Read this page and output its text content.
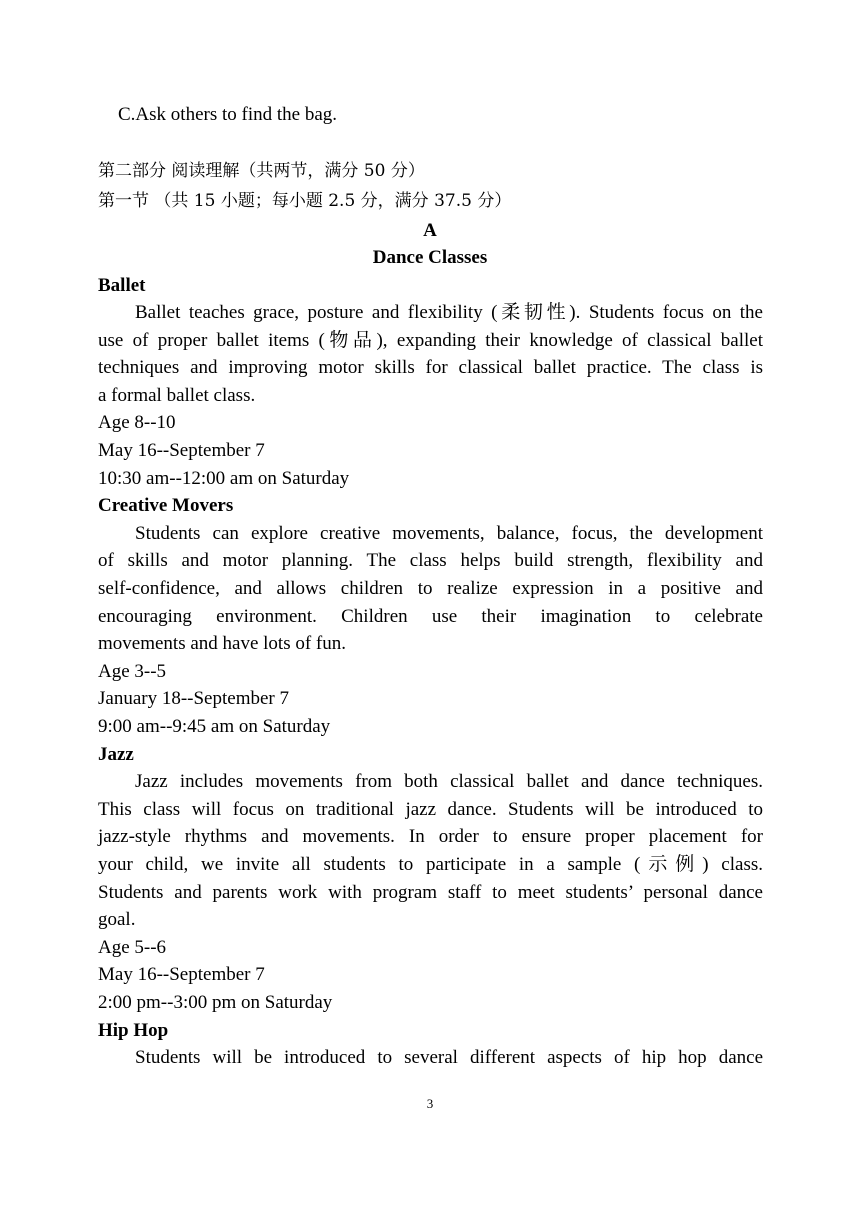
C.Ask others to find the bag.
第二部分 阅读理解（共两节，满分 50 分）
第一节 （共 15 小题；每小题 2.5 分，满分 37.5 分）
A
Dance Classes
Ballet
Ballet teaches grace, posture and flexibility (柔韧性). Students focus on the
use of proper ballet items (物品), expanding their knowledge of classical ballet
techniques and improving motor skills for classical ballet practice. The class is
a formal ballet class.
Age 8--10
May 16--September 7
10:30 am--12:00 am on Saturday
Creative Movers
Students can explore creative movements, balance, focus, the development
of skills and motor planning. The class helps build strength, flexibility and
self-confidence, and allows children to realize expression in a positive and
encouraging environment. Children use their imagination to celebrate
movements and have lots of fun.
Age 3--5
January 18--September 7
9:00 am--9:45 am on Saturday
Jazz
Jazz includes movements from both classical ballet and dance techniques.
This class will focus on traditional jazz dance. Students will be introduced to
jazz-style rhythms and movements. In order to ensure proper placement for
your child, we invite all students to participate in a sample (示例) class.
Students and parents work with program staff to meet students’ personal dance
goal.
Age 5--6
May 16--September 7
2:00 pm--3:00 pm on Saturday
Hip Hop
Students will be introduced to several different aspects of hip hop dance
3
